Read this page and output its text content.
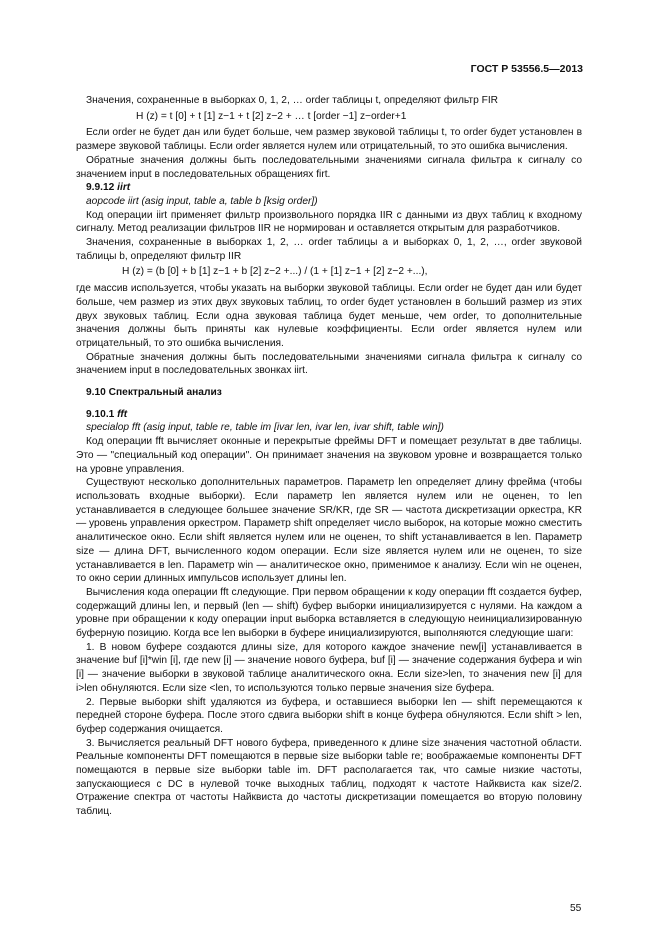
ГОСТ Р 53556.5—2013

Значения, сохраненные в выборках 0, 1, 2, … order таблицы t, определяют фильтр FIR

H (z) = t [0] + t [1] z−1 + t [2] z−2 + … t [order −1] z−order+1

Если order не будет дан или будет больше, чем размер звуковой таблицы t, то order будет установлен в размере звуковой таблицы. Если order является нулем или отрицательный, то это ошибка вычисления.

Обратные значения должны быть последовательными значениями сигнала фильтра к сигналу со значением input в последовательных обращениях firt.

9.9.12 iirt

aopcode iirt (asig input, table a, table b [ksig order])

Код операции iirt применяет фильтр произвольного порядка IIR с данными из двух таблиц к входному сигналу. Метод реализации фильтров IIR не нормирован и оставляется открытым для разработчиков.

Значения, сохраненные в выборках 1, 2, … order таблицы a и выборках 0, 1, 2, …, order звуковой таблицы b, определяют фильтр IIR

H (z) = (b [0] + b [1] z−1 + b [2] z−2 +...) / (1 + [1] z−1 + [2] z−2 +...),

где массив используется, чтобы указать на выборки звуковой таблицы. Если order не будет дан или будет больше, чем размер из этих двух звуковых таблиц, то order будет установлен в больший размер из этих двух звуковых таблиц. Если одна звуковая таблица будет меньше, чем order, то дополнительные значения должны быть приняты как нулевые коэффициенты. Если order является нулем или отрицательный, то это ошибка вычисления.

Обратные значения должны быть последовательными значениями сигнала фильтра к сигналу со значением input в последовательных звонках iirt.

9.10 Спектральный анализ

9.10.1 fft

specialop fft (asig input, table re, table im [ivar len, ivar len, ivar shift, table win])

Код операции fft вычисляет оконные и перекрытые фреймы DFT и помещает результат в две таблицы. Это — "специальный код операции". Он принимает значения на звуковом уровне и возвращается только на уровне управления.

Существуют несколько дополнительных параметров. Параметр len определяет длину фрейма (чтобы использовать входные выборки). Если параметр len является нулем или не оценен, то len устанавливается в следующее большее значение SR/KR, где SR — частота дискретизации оркестра, KR — уровень управления оркестром. Параметр shift определяет число выборок, на которые можно сместить аналитическое окно. Если shift является нулем или не оценен, то shift устанавливается в len. Параметр size — длина DFT, вычисленного кодом операции. Если size является нулем или не оценен, то size устанавливается в len. Параметр win — аналитическое окно, применимое к анализу. Если win не оценен, то окно серии длинных импульсов использует длины len.

Вычисления кода операции fft следующие. При первом обращении к коду операции fft создается буфер, содержащий длины len, и первый (len — shift) буфер выборки инициализируется с нулями. На каждом а уровне при обращении к коду операции input выборка вставляется в следующую неинициализированную буферную позицию. Когда все len выборки в буфере инициализируются, выполняются следующие шаги:

1. В новом буфере создаются длины size, для которого каждое значение new[i] устанавливается в значение buf [i]*win [i], где new [i] — значение нового буфера, buf [i] — значение содержания буфера и win [i] — значение выборки в звуковой таблице аналитического окна. Если size>len, то значения new [i] для i>len обнуляются. Если size <len, то используются только первые значения size буфера.

2. Первые выборки shift удаляются из буфера, и оставшиеся выборки len — shift перемещаются к передней стороне буфера. После этого сдвига выборки shift в конце буфера обнуляются. Если shift > len, буфер содержания очищается.

3. Вычисляется реальный DFT нового буфера, приведенного к длине size значения частотной области. Реальные компоненты DFT помещаются в первые size выборки table re; воображаемые компоненты DFT помещаются в первые size выборки table im. DFT располагается так, что самые низкие частоты, запускающиеся с DC в нулевой точке выходных таблиц, подходят к частоте Найквиста как size/2. Отражение спектра от частоты Найквиста до частоты дискретизации помещается во вторую половину таблиц.

55
